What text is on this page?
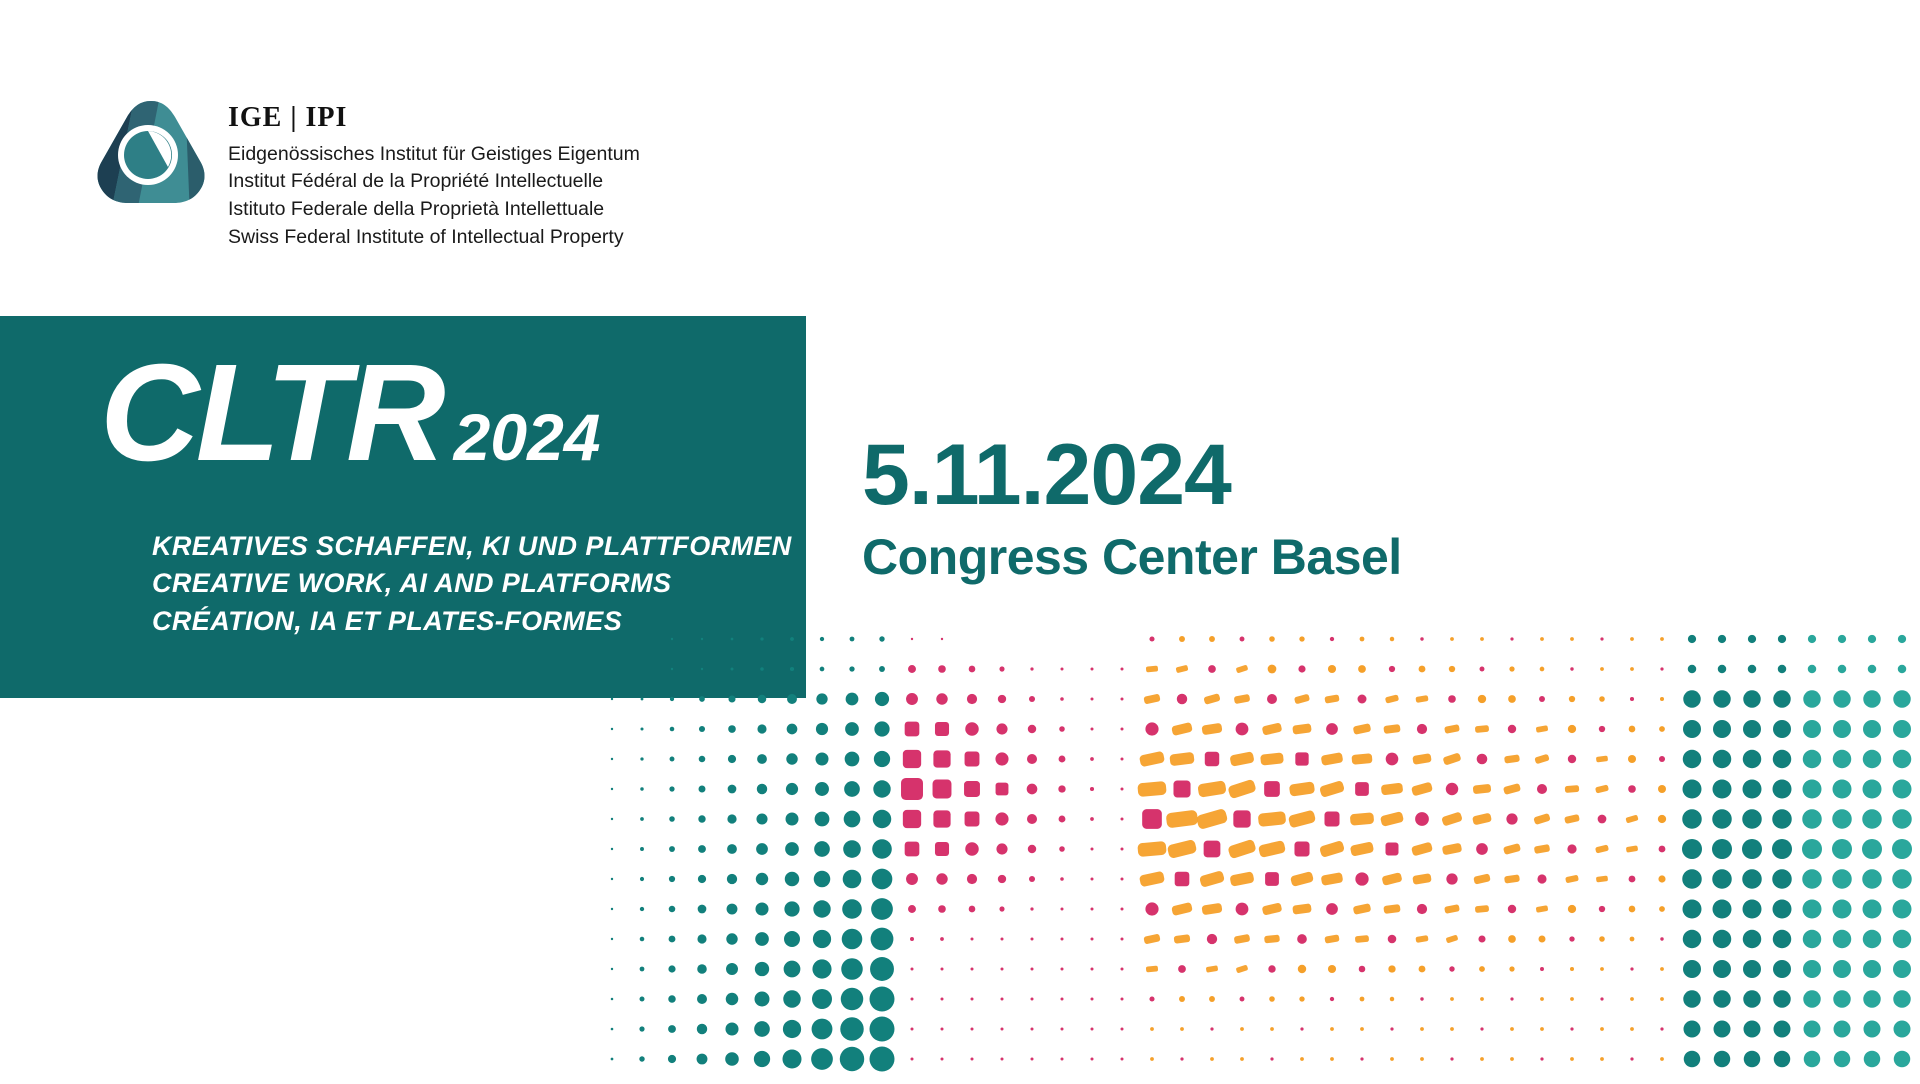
IGE | IPI
Eidgenössisches Institut für Geistiges Eigentum
Institut Fédéral de la Propriété Intellectuelle
Istituto Federale della Proprietà Intellettuale
Swiss Federal Institute of Intellectual Property
CLTR 2024
KREATIVES SCHAFFEN, KI UND PLATTFORMEN
CREATIVE WORK, AI AND PLATFORMS
CRÉATION, IA ET PLATES-FORMES
5.11.2024
Congress Center Basel
